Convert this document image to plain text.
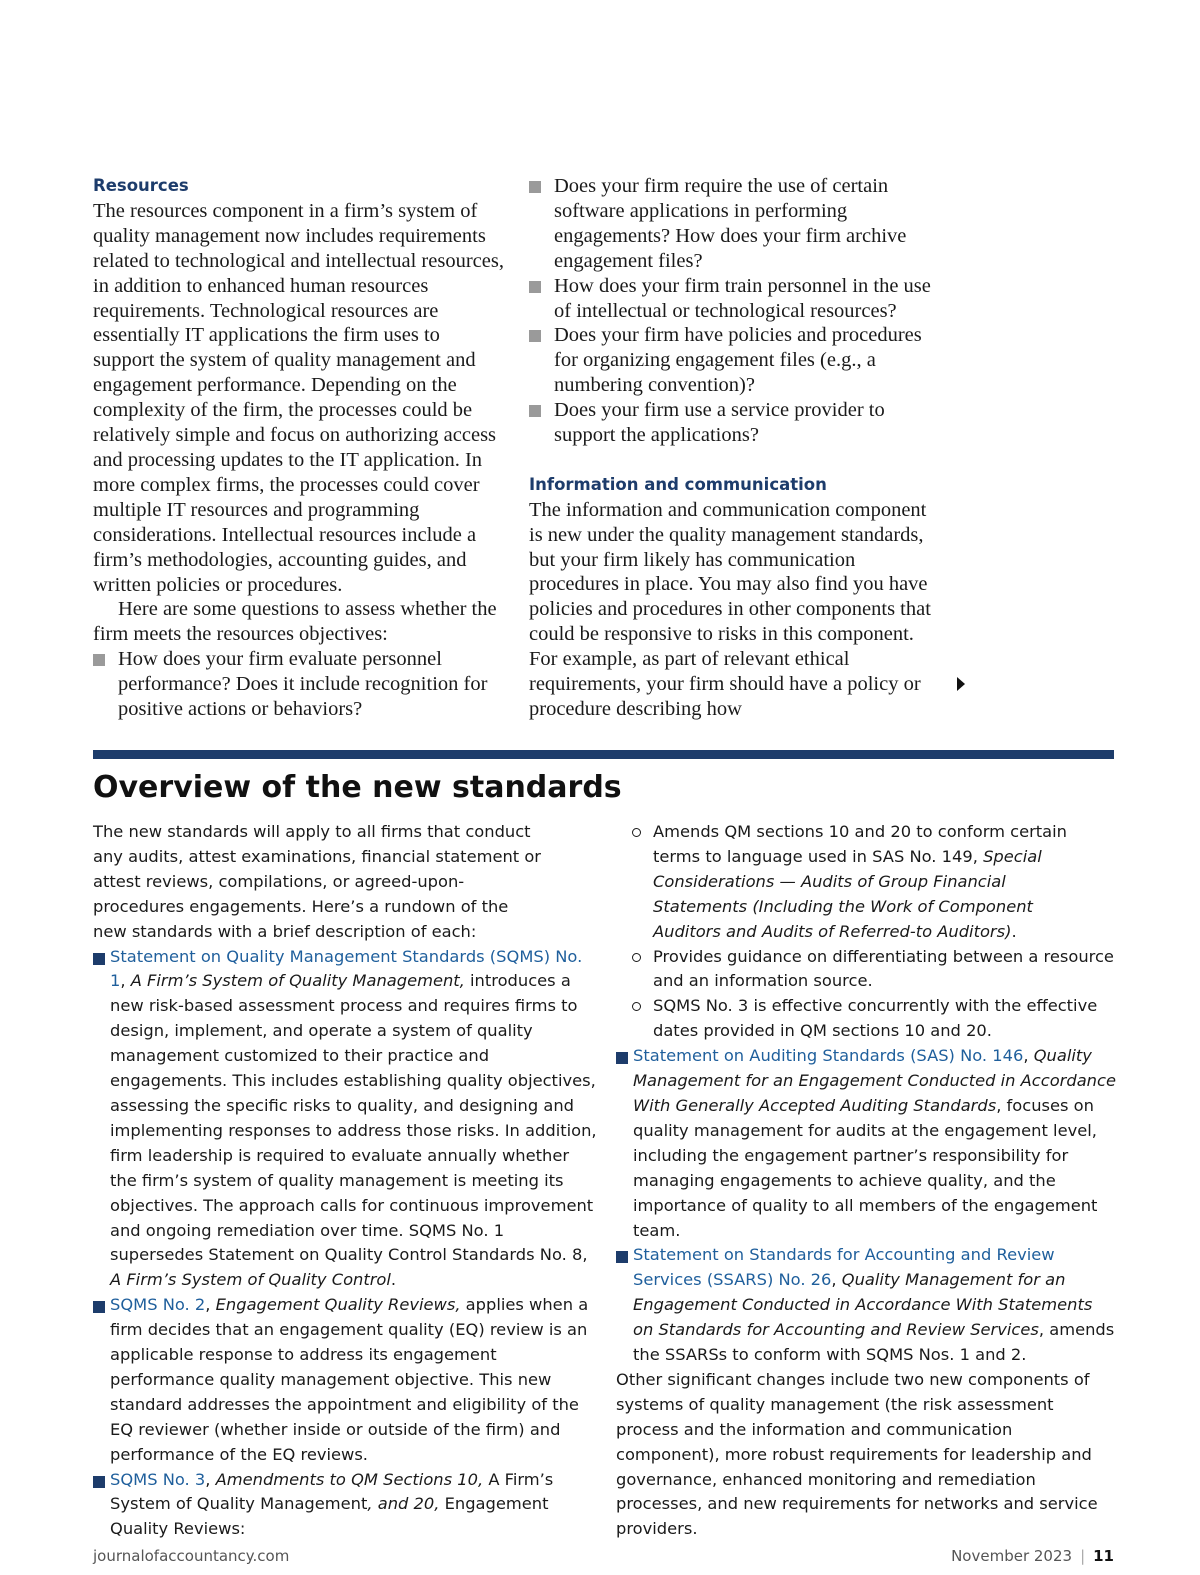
Resources

The resources component in a firm’s system of quality management now includes requirements related to technological and intellectual resources, in addition to enhanced human resources requirements. Technological resources are essentially IT applications the firm uses to support the system of quality management and engagement performance. Depending on the complexity of the firm, the processes could be relatively simple and focus on authorizing access and processing updates to the IT application. In more complex firms, the processes could cover multiple IT resources and programming considerations. Intellectual resources include a firm’s methodologies, accounting guides, and written policies or procedures.

Here are some questions to assess whether the firm meets the resources objectives:

How does your firm evaluate personnel performance? Does it include recognition for positive actions or behaviors?
Does your firm require the use of certain software applications in performing engagements? How does your firm archive engagement files?
How does your firm train personnel in the use of intellectual or technological resources?
Does your firm have policies and procedures for organizing engagement files (e.g., a numbering convention)?
Does your firm use a service provider to support the applications?
Information and communication

The information and communication component is new under the quality management standards, but your firm likely has communication procedures in place. You may also find you have policies and procedures in other components that could be responsive to risks in this component. For example, as part of relevant ethical requirements, your firm should have a policy or procedure describing how

Overview of the new standards

The new standards will apply to all firms that conduct any audits, attest examinations, financial statement or attest reviews, compilations, or agreed-upon-procedures engagements. Here’s a rundown of the new standards with a brief description of each:

Statement on Quality Management Standards (SQMS) No. 1, A Firm’s System of Quality Management, introduces a new risk-based assessment process and requires firms to design, implement, and operate a system of quality management customized to their practice and engagements. This includes establishing quality objectives, assessing the specific risks to quality, and designing and implementing responses to address those risks. In addition, firm leadership is required to evaluate annually whether the firm’s system of quality management is meeting its objectives. The approach calls for continuous improvement and ongoing remediation over time. SQMS No. 1 supersedes Statement on Quality Control Standards No. 8, A Firm’s System of Quality Control.
SQMS No. 2, Engagement Quality Reviews, applies when a firm decides that an engagement quality (EQ) review is an applicable response to address its engagement performance quality management objective. This new standard addresses the appointment and eligibility of the EQ reviewer (whether inside or outside of the firm) and performance of the EQ reviews.
SQMS No. 3, Amendments to QM Sections 10, A Firm’s System of Quality Management, and 20, Engagement Quality Reviews:
Amends QM sections 10 and 20 to conform certain terms to language used in SAS No. 149, Special Considerations — Audits of Group Financial Statements (Including the Work of Component Auditors and Audits of Referred-to Auditors).
Provides guidance on differentiating between a resource and an information source.
SQMS No. 3 is effective concurrently with the effective dates provided in QM sections 10 and 20.
Statement on Auditing Standards (SAS) No. 146, Quality Management for an Engagement Conducted in Accordance With Generally Accepted Auditing Standards, focuses on quality management for audits at the engagement level, including the engagement partner’s responsibility for managing engagements to achieve quality, and the importance of quality to all members of the engagement team.
Statement on Standards for Accounting and Review Services (SSARS) No. 26, Quality Management for an Engagement Conducted in Accordance With Statements on Standards for Accounting and Review Services, amends the SSARSs to conform with SQMS Nos. 1 and 2.

Other significant changes include two new components of systems of quality management (the risk assessment process and the information and communication component), more robust requirements for leadership and governance, enhanced monitoring and remediation processes, and new requirements for networks and service providers.

journalofaccountancy.com	November 2023 | 11
